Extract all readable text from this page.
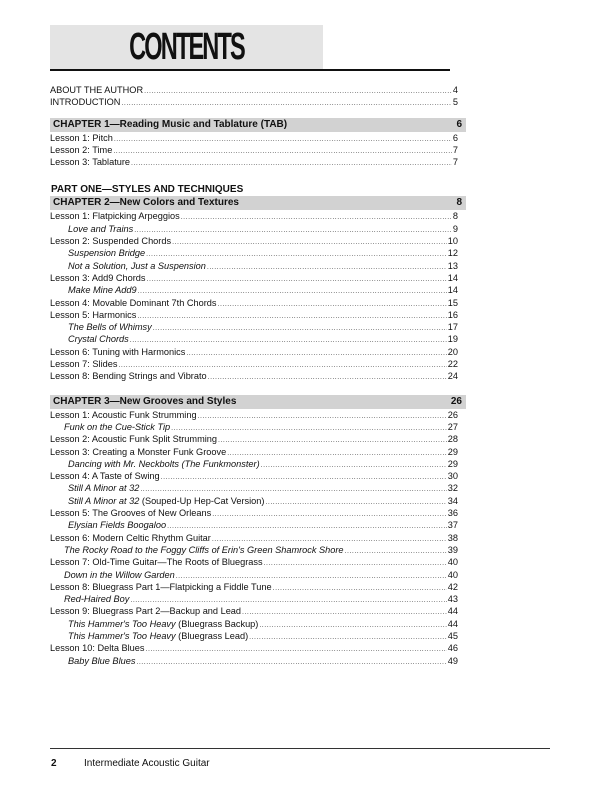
CONTENTS
ABOUT THE AUTHOR .....	4
INTRODUCTION .....	5
CHAPTER 1—Reading Music and Tablature (TAB)	6
Lesson 1: Pitch .....	6
Lesson 2: Time .....	7
Lesson 3: Tablature .....	7
PART ONE—STYLES AND TECHNIQUES
CHAPTER 2—New Colors and Textures	8
Lesson 1: Flatpicking Arpeggios .....	8
Love and Trains .....	9
Lesson 2: Suspended Chords .....	10
Suspension Bridge .....	12
Not a Solution, Just a Suspension .....	13
Lesson 3: Add9 Chords .....	14
Make Mine Add9 .....	14
Lesson 4: Movable Dominant 7th Chords .....	15
Lesson 5: Harmonics .....	16
The Bells of Whimsy .....	17
Crystal Chords .....	19
Lesson 6: Tuning with Harmonics .....	20
Lesson 7: Slides .....	22
Lesson 8: Bending Strings and Vibrato .....	24
CHAPTER 3—New Grooves and Styles	26
Lesson 1: Acoustic Funk Strumming .....	26
Funk on the Cue-Stick Tip .....	27
Lesson 2: Acoustic Funk Split Strumming .....	28
Lesson 3: Creating a Monster Funk Groove .....	29
Dancing with Mr. Neckbolts (The Funkmonster) .....	29
Lesson 4: A Taste of Swing .....	30
Still A Minor at 32 .....	32
Still A Minor at 32 (Souped-Up Hep-Cat Version) .....	34
Lesson 5: The Grooves of New Orleans .....	36
Elysian Fields Boogaloo .....	37
Lesson 6: Modern Celtic Rhythm Guitar .....	38
The Rocky Road to the Foggy Cliffs of Erin's Green Shamrock Shore .....	39
Lesson 7: Old-Time Guitar—The Roots of Bluegrass .....	40
Down in the Willow Garden .....	40
Lesson 8: Bluegrass Part 1—Flatpicking a Fiddle Tune .....	42
Red-Haired Boy .....	43
Lesson 9: Bluegrass Part 2—Backup and Lead .....	44
This Hammer's Too Heavy (Bluegrass Backup) .....	44
This Hammer's Too Heavy (Bluegrass Lead) .....	45
Lesson 10: Delta Blues .....	46
Baby Blue Blues .....	49
2	Intermediate Acoustic Guitar
